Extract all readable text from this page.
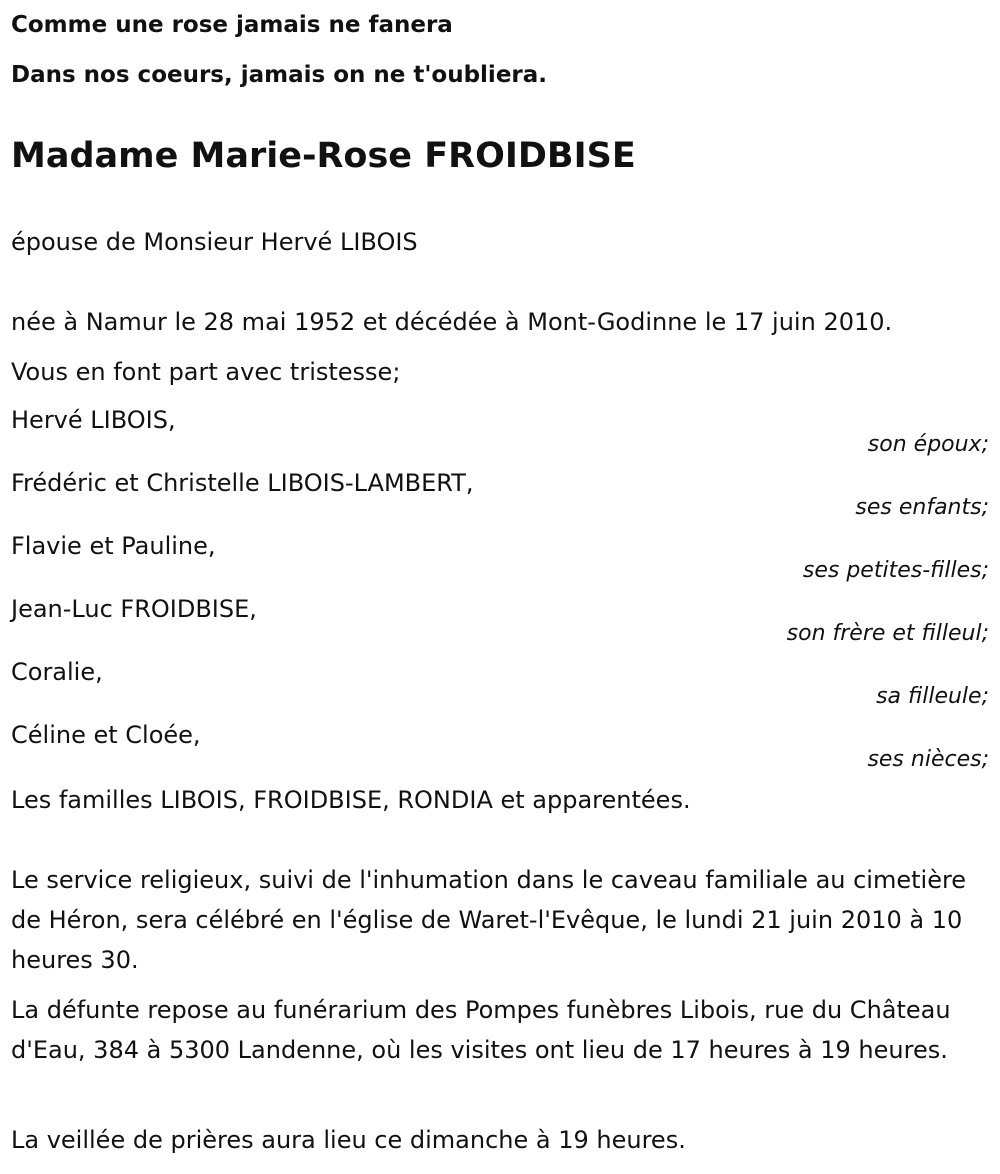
Comme une rose jamais ne fanera
Dans nos coeurs, jamais on ne t'oubliera.
Madame Marie-Rose FROIDBISE
épouse de Monsieur Hervé LIBOIS
née à Namur le 28 mai 1952 et décédée à Mont-Godinne le 17 juin 2010.
Vous en font part avec tristesse;
Hervé LIBOIS,
son époux;
Frédéric et Christelle LIBOIS-LAMBERT,
ses enfants;
Flavie et Pauline,
ses petites-filles;
Jean-Luc FROIDBISE,
son frère et filleul;
Coralie,
sa filleule;
Céline et Cloée,
ses nièces;
Les familles LIBOIS, FROIDBISE, RONDIA et apparentées.

Le service religieux, suivi de l'inhumation dans le caveau familiale au cimetière de Héron, sera célébré en l'église de Waret-l'Evêque, le lundi 21 juin 2010 à 10 heures 30.

La défunte repose au funérarium des Pompes funèbres Libois, rue du Château d'Eau, 384 à 5300 Landenne, où les visites ont lieu de 17 heures à 19 heures.

La veillée de prières aura lieu ce dimanche à 19 heures.
